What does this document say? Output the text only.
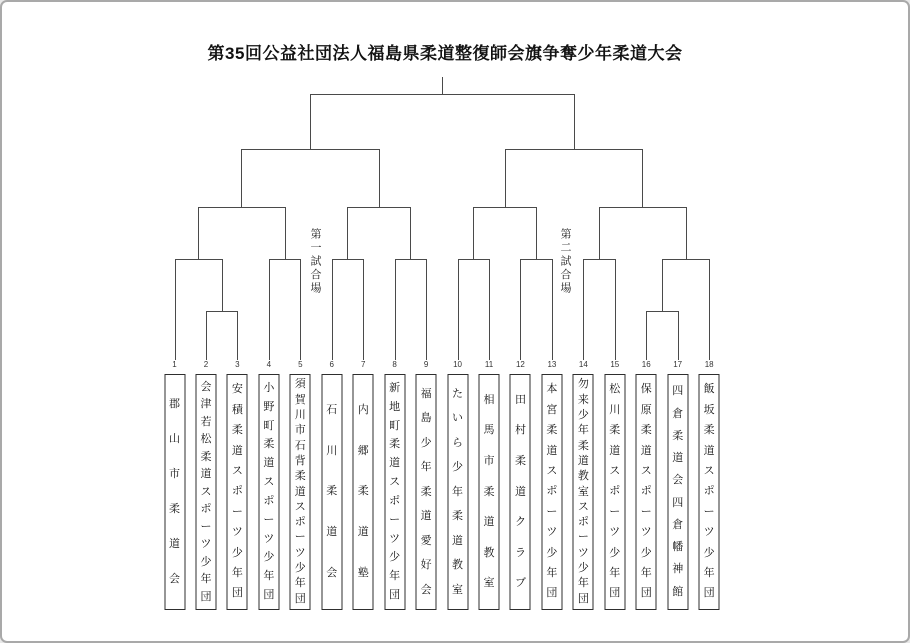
第35回公益社団法人福島県柔道整復師会旗争奪少年柔道大会
第一試合場	第二試合場
1
郡
山
市
柔
道
会
2
会
津
若
松
柔
道
ス
ポ
ー
ツ
少
年
団
3
安
積
柔
道
ス
ポ
ー
ツ
少
年
団
4
小
野
町
柔
道
ス
ポ
ー
ツ
少
年
団
5
須
賀
川
市
石
背
柔
道
ス
ポ
ー
ツ
少
年
団
6
石
川
柔
道
会
7
内
郷
柔
道
塾
8
新
地
町
柔
道
ス
ポ
ー
ツ
少
年
団
9
福
島
少
年
柔
道
愛
好
会
10
た
い
ら
少
年
柔
道
教
室
11
相
馬
市
柔
道
教
室
12
田
村
柔
道
ク
ラ
ブ
13
本
宮
柔
道
ス
ポ
ー
ツ
少
年
団
14
勿
来
少
年
柔
道
教
室
ス
ポ
ー
ツ
少
年
団
15
松
川
柔
道
ス
ポ
ー
ツ
少
年
団
16
保
原
柔
道
ス
ポ
ー
ツ
少
年
団
17
四
倉
柔
道
会
四
倉
幡
神
館
18
飯
坂
柔
道
ス
ポ
ー
ツ
少
年
団
